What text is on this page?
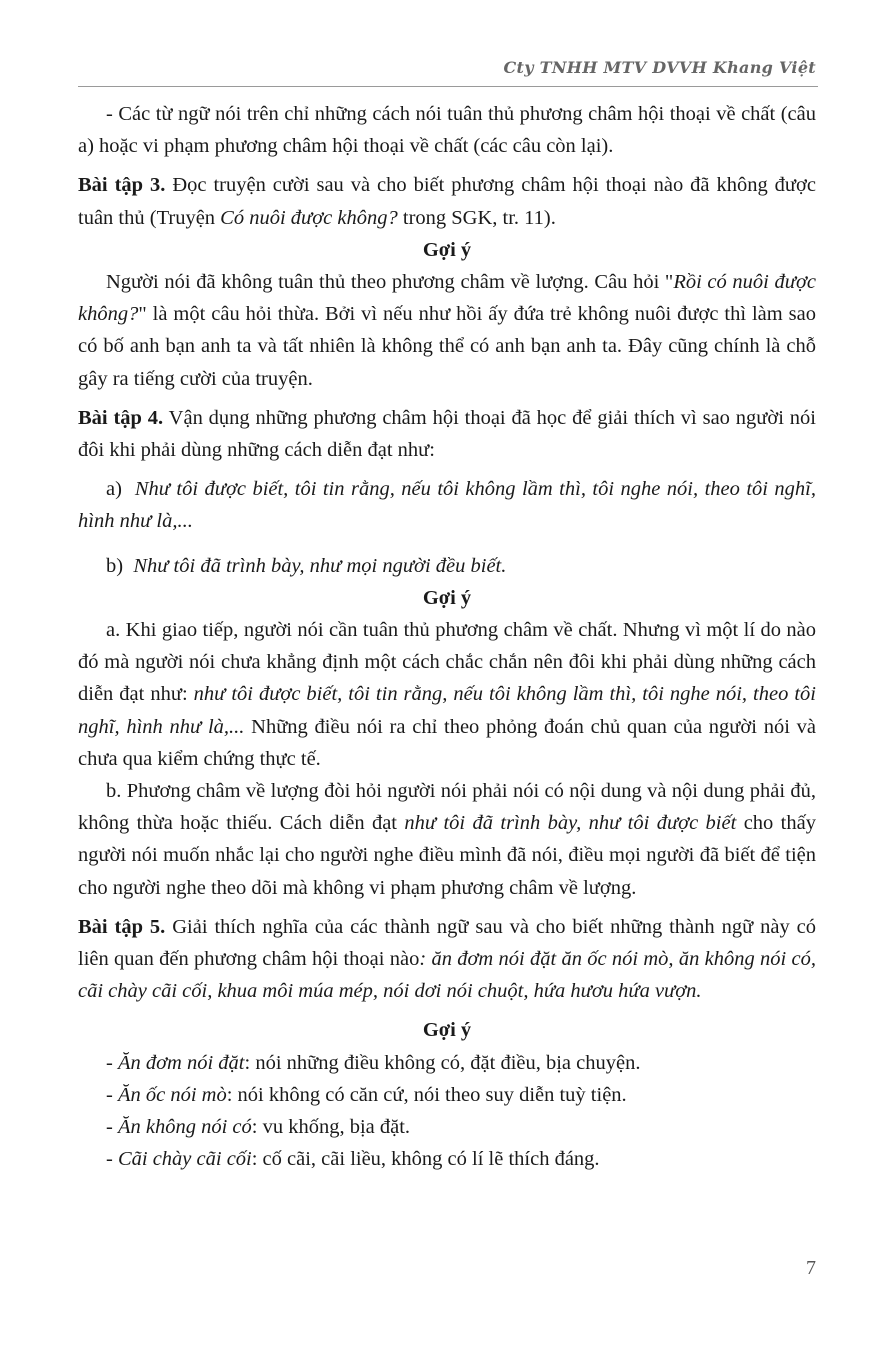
Cty TNHH MTV DVVH Khang Việt

- Các từ ngữ nói trên chỉ những cách nói tuân thủ phương châm hội thoại về chất (câu a) hoặc vi phạm phương châm hội thoại về chất (các câu còn lại).

Bài tập 3. Đọc truyện cười sau và cho biết phương châm hội thoại nào đã không được tuân thủ (Truyện Có nuôi được không? trong SGK, tr. 11).

Gợi ý

Người nói đã không tuân thủ theo phương châm về lượng. Câu hỏi "Rồi có nuôi được không?" là một câu hỏi thừa. Bởi vì nếu như hồi ấy đứa trẻ không nuôi được thì làm sao có bố anh bạn anh ta và tất nhiên là không thể có anh bạn anh ta. Đây cũng chính là chỗ gây ra tiếng cười của truyện.

Bài tập 4. Vận dụng những phương châm hội thoại đã học để giải thích vì sao người nói đôi khi phải dùng những cách diễn đạt như:

a) Như tôi được biết, tôi tin rằng, nếu tôi không lầm thì, tôi nghe nói, theo tôi nghĩ, hình như là,...

b) Như tôi đã trình bày, như mọi người đều biết.

Gợi ý

a. Khi giao tiếp, người nói cần tuân thủ phương châm về chất. Nhưng vì một lí do nào đó mà người nói chưa khẳng định một cách chắc chắn nên đôi khi phải dùng những cách diễn đạt như: như tôi được biết, tôi tin rằng, nếu tôi không lầm thì, tôi nghe nói, theo tôi nghĩ, hình như là,... Những điều nói ra chỉ theo phỏng đoán chủ quan của người nói và chưa qua kiểm chứng thực tế.

b. Phương châm về lượng đòi hỏi người nói phải nói có nội dung và nội dung phải đủ, không thừa hoặc thiếu. Cách diễn đạt như tôi đã trình bày, như tôi được biết cho thấy người nói muốn nhắc lại cho người nghe điều mình đã nói, điều mọi người đã biết để tiện cho người nghe theo dõi mà không vi phạm phương châm về lượng.

Bài tập 5. Giải thích nghĩa của các thành ngữ sau và cho biết những thành ngữ này có liên quan đến phương châm hội thoại nào: ăn đơm nói đặt ăn ốc nói mò, ăn không nói có, cãi chày cãi cối, khua môi múa mép, nói dơi nói chuột, hứa hươu hứa vượn.

Gợi ý

- Ăn đơm nói đặt: nói những điều không có, đặt điều, bịa chuyện.

- Ăn ốc nói mò: nói không có căn cứ, nói theo suy diễn tuỳ tiện.

- Ăn không nói có: vu khống, bịa đặt.

- Cãi chày cãi cối: cố cãi, cãi liều, không có lí lẽ thích đáng.

7
